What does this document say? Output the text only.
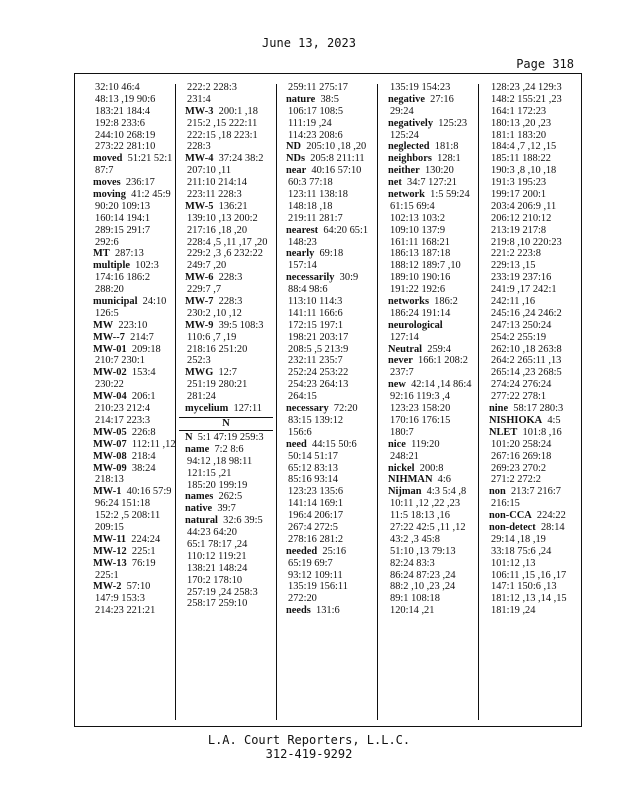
June 13, 2023
Page 318
32:10 46:4
48:13 ,19 90:6
183:21 184:4
192:8 233:6
244:10 268:19
273:22 281:10
moved  51:21 52:1
87:7
moves  236:17
moving  41:2 45:9
90:20 109:13
160:14 194:1
289:15 291:7
292:6
MT  287:13
multiple  102:3
174:16 186:2
288:20
municipal  24:10
126:5
MW  223:10
MW--7  214:7
MW-01  209:18
210:7 230:1
MW-02  153:4
230:22
MW-04  206:1
210:23 212:4
214:17 223:3
MW-05  226:8
MW-07  112:11 ,12
MW-08  218:4
MW-09  38:24
218:13
MW-1  40:16 57:9
96:24 151:18
152:2 ,5 208:11
209:15
MW-11  224:24
MW-12  225:1
MW-13  76:19
225:1
MW-2  57:10
147:9 153:3
214:23 221:21
222:2 228:3
231:4
MW-3  200:1 ,18
215:2 ,15 222:11
222:15 ,18 223:1
228:3
MW-4  37:24 38:2
207:10 ,11
211:10 214:14
223:11 228:3
MW-5  136:21
139:10 ,13 200:2
217:16 ,18 ,20
228:4 ,5 ,11 ,17 ,20
229:2 ,3 ,6 232:22
249:7 ,20
MW-6  228:3
229:7 ,7
MW-7  228:3
230:2 ,10 ,12
MW-9  39:5 108:3
110:6 ,7 ,19
218:16 251:20
252:3
MWG  12:7
251:19 280:21
281:24
mycelium  127:11
N
N  5:1 47:19 259:3
name  7:2 8:6
94:12 ,18 98:11
121:15 ,21
185:20 199:19
names  262:5
native  39:7
natural  32:6 39:5
44:23 64:20
65:1 78:17 ,24
110:12 119:21
138:21 148:24
170:2 178:10
257:19 ,24 258:3
258:17 259:10
259:11 275:17
nature  38:5
106:17 108:5
111:19 ,24
114:23 208:6
ND  205:10 ,18 ,20
NDs  205:8 211:11
near  40:16 57:10
60:3 77:18
123:11 138:18
148:18 ,18
219:11 281:7
nearest  64:20 65:1
148:23
nearly  69:18
157:14
necessarily  30:9
88:4 98:6
113:10 114:3
141:11 166:6
172:15 197:1
198:21 203:17
208:5 ,5 213:9
232:11 235:7
252:24 253:22
254:23 264:13
264:15
necessary  72:20
83:15 139:12
156:6
need  44:15 50:6
50:14 51:17
65:12 83:13
85:16 93:14
123:23 135:6
141:14 169:1
196:4 206:17
267:4 272:5
278:16 281:2
needed  25:16
65:19 69:7
93:12 109:11
135:19 156:11
272:20
needs  131:6
135:19 154:23
negative  27:16
29:24
negatively  125:23
125:24
neglected  181:8
neighbors  128:1
neither  130:20
net  34:7 127:21
network  1:5 59:24
61:15 69:4
102:13 103:2
109:10 137:9
161:11 168:21
186:13 187:18
188:12 189:7 ,10
189:10 190:16
191:22 192:6
networks  186:2
186:24 191:14
neurological
127:14
Neutral  259:4
never  166:1 208:2
237:7
new  42:14 ,14 86:4
92:16 119:3 ,4
123:23 158:20
170:16 176:15
180:7
nice  119:20
248:21
nickel  200:8
NIHMAN  4:6
Nijman  4:3 5:4 ,8
10:11 ,12 ,22 ,23
11:5 18:13 ,16
27:22 42:5 ,11 ,12
43:2 ,3 45:8
51:10 ,13 79:13
82:24 83:3
86:24 87:23 ,24
88:2 ,10 ,23 ,24
89:1 108:18
120:14 ,21
128:23 ,24 129:3
148:2 155:21 ,23
164:1 172:23
180:13 ,20 ,23
181:1 183:20
184:4 ,7 ,12 ,15
185:11 188:22
190:3 ,8 ,10 ,18
191:3 195:23
199:17 200:1
203:4 206:9 ,11
206:12 210:12
213:19 217:8
219:8 ,10 220:23
221:2 223:8
229:13 ,15
233:19 237:16
241:9 ,17 242:1
242:11 ,16
245:16 ,24 246:2
247:13 250:24
254:2 255:19
262:10 ,18 263:8
264:2 265:11 ,13
265:14 ,23 268:5
274:24 276:24
277:22 278:1
nine  58:17 280:3
NISHIOKA  4:5
NLET  101:8 ,16
101:20 258:24
267:16 269:18
269:23 270:2
271:2 272:2
non  213:7 216:7
216:15
non-CCA  224:22
non-detect  28:14
29:14 ,18 ,19
33:18 75:6 ,24
101:12 ,13
106:11 ,15 ,16 ,17
147:1 150:6 ,13
181:12 ,13 ,14 ,15
181:19 ,24
L.A. Court Reporters, L.L.C.
312-419-9292
